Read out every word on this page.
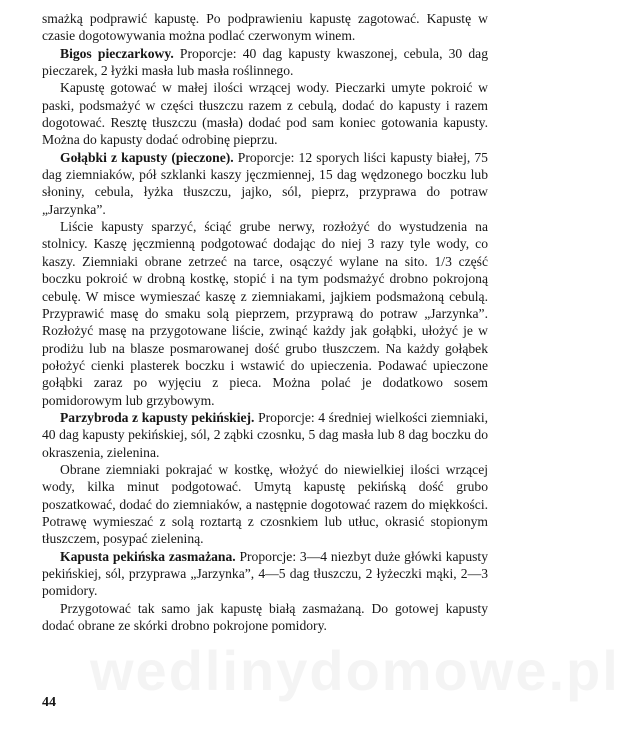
smażką podprawić kapustę. Po podprawieniu kapustę zagotować. Kapustę w czasie dogotowywania można podlać czerwonym winem.

Bigos pieczarkowy. Proporcje: 40 dag kapusty kwaszonej, cebula, 30 dag pieczarek, 2 łyżki masła lub masła roślinnego.

Kapustę gotować w małej ilości wrzącej wody. Pieczarki umyte pokroić w paski, podsmażyć w części tłuszczu razem z cebulą, dodać do kapusty i razem dogotować. Resztę tłuszczu (masła) dodać pod sam koniec gotowania kapusty. Można do kapusty dodać odrobinę pieprzu.

Gołąbki z kapusty (pieczone). Proporcje: 12 sporych liści kapusty białej, 75 dag ziemniaków, pół szklanki kaszy jęczmiennej, 15 dag wędzonego boczku lub słoniny, cebula, łyżka tłuszczu, jajko, sól, pieprz, przyprawa do potraw „Jarzynka”.

Liście kapusty sparzyć, ściąć grube nerwy, rozłożyć do wystudzenia na stolnicy. Kaszę jęczmienną podgotować dodając do niej 3 razy tyle wody, co kaszy. Ziemniaki obrane zetrzeć na tarce, osączyć wylane na sito. 1/3 część boczku pokroić w drobną kostkę, stopić i na tym podsmażyć drobno pokrojoną cebulę. W misce wymieszać kaszę z ziemniakami, jajkiem podsmażoną cebulą. Przyprawić masę do smaku solą pieprzem, przyprawą do potraw „Jarzynka”. Rozłożyć masę na przygotowane liście, zwinąć każdy jak gołąbki, ułożyć je w prodiżu lub na blasze posmarowanej dość grubo tłuszczem. Na każdy gołąbek położyć cienki plasterek boczku i wstawić do upieczenia. Podawać upieczone gołąbki zaraz po wyjęciu z pieca. Można polać je dodatkowo sosem pomidorowym lub grzybowym.

Parzybroda z kapusty pekińskiej. Proporcje: 4 średniej wielkości ziemniaki, 40 dag kapusty pekińskiej, sól, 2 ząbki czosnku, 5 dag masła lub 8 dag boczku do okraszenia, zielenina.

Obrane ziemniaki pokrajać w kostkę, włożyć do niewielkiej ilości wrzącej wody, kilka minut podgotować. Umytą kapustę pekińską dość grubo poszatkować, dodać do ziemniaków, a następnie dogotować razem do miękkości. Potrawę wymieszać z solą roztartą z czosnkiem lub utłuc, okrasić stopionym tłuszczem, posypać zieleniną.

Kapusta pekińska zasmażana. Proporcje: 3—4 niezbyt duże główki kapusty pekińskiej, sól, przyprawa „Jarzynka”, 4—5 dag tłuszczu, 2 łyżeczki mąki, 2—3 pomidory.

Przygotować tak samo jak kapustę białą zasmażaną. Do gotowej kapusty dodać obrane ze skórki drobno pokrojone pomidory.

wedlinydomowe.pl
44
